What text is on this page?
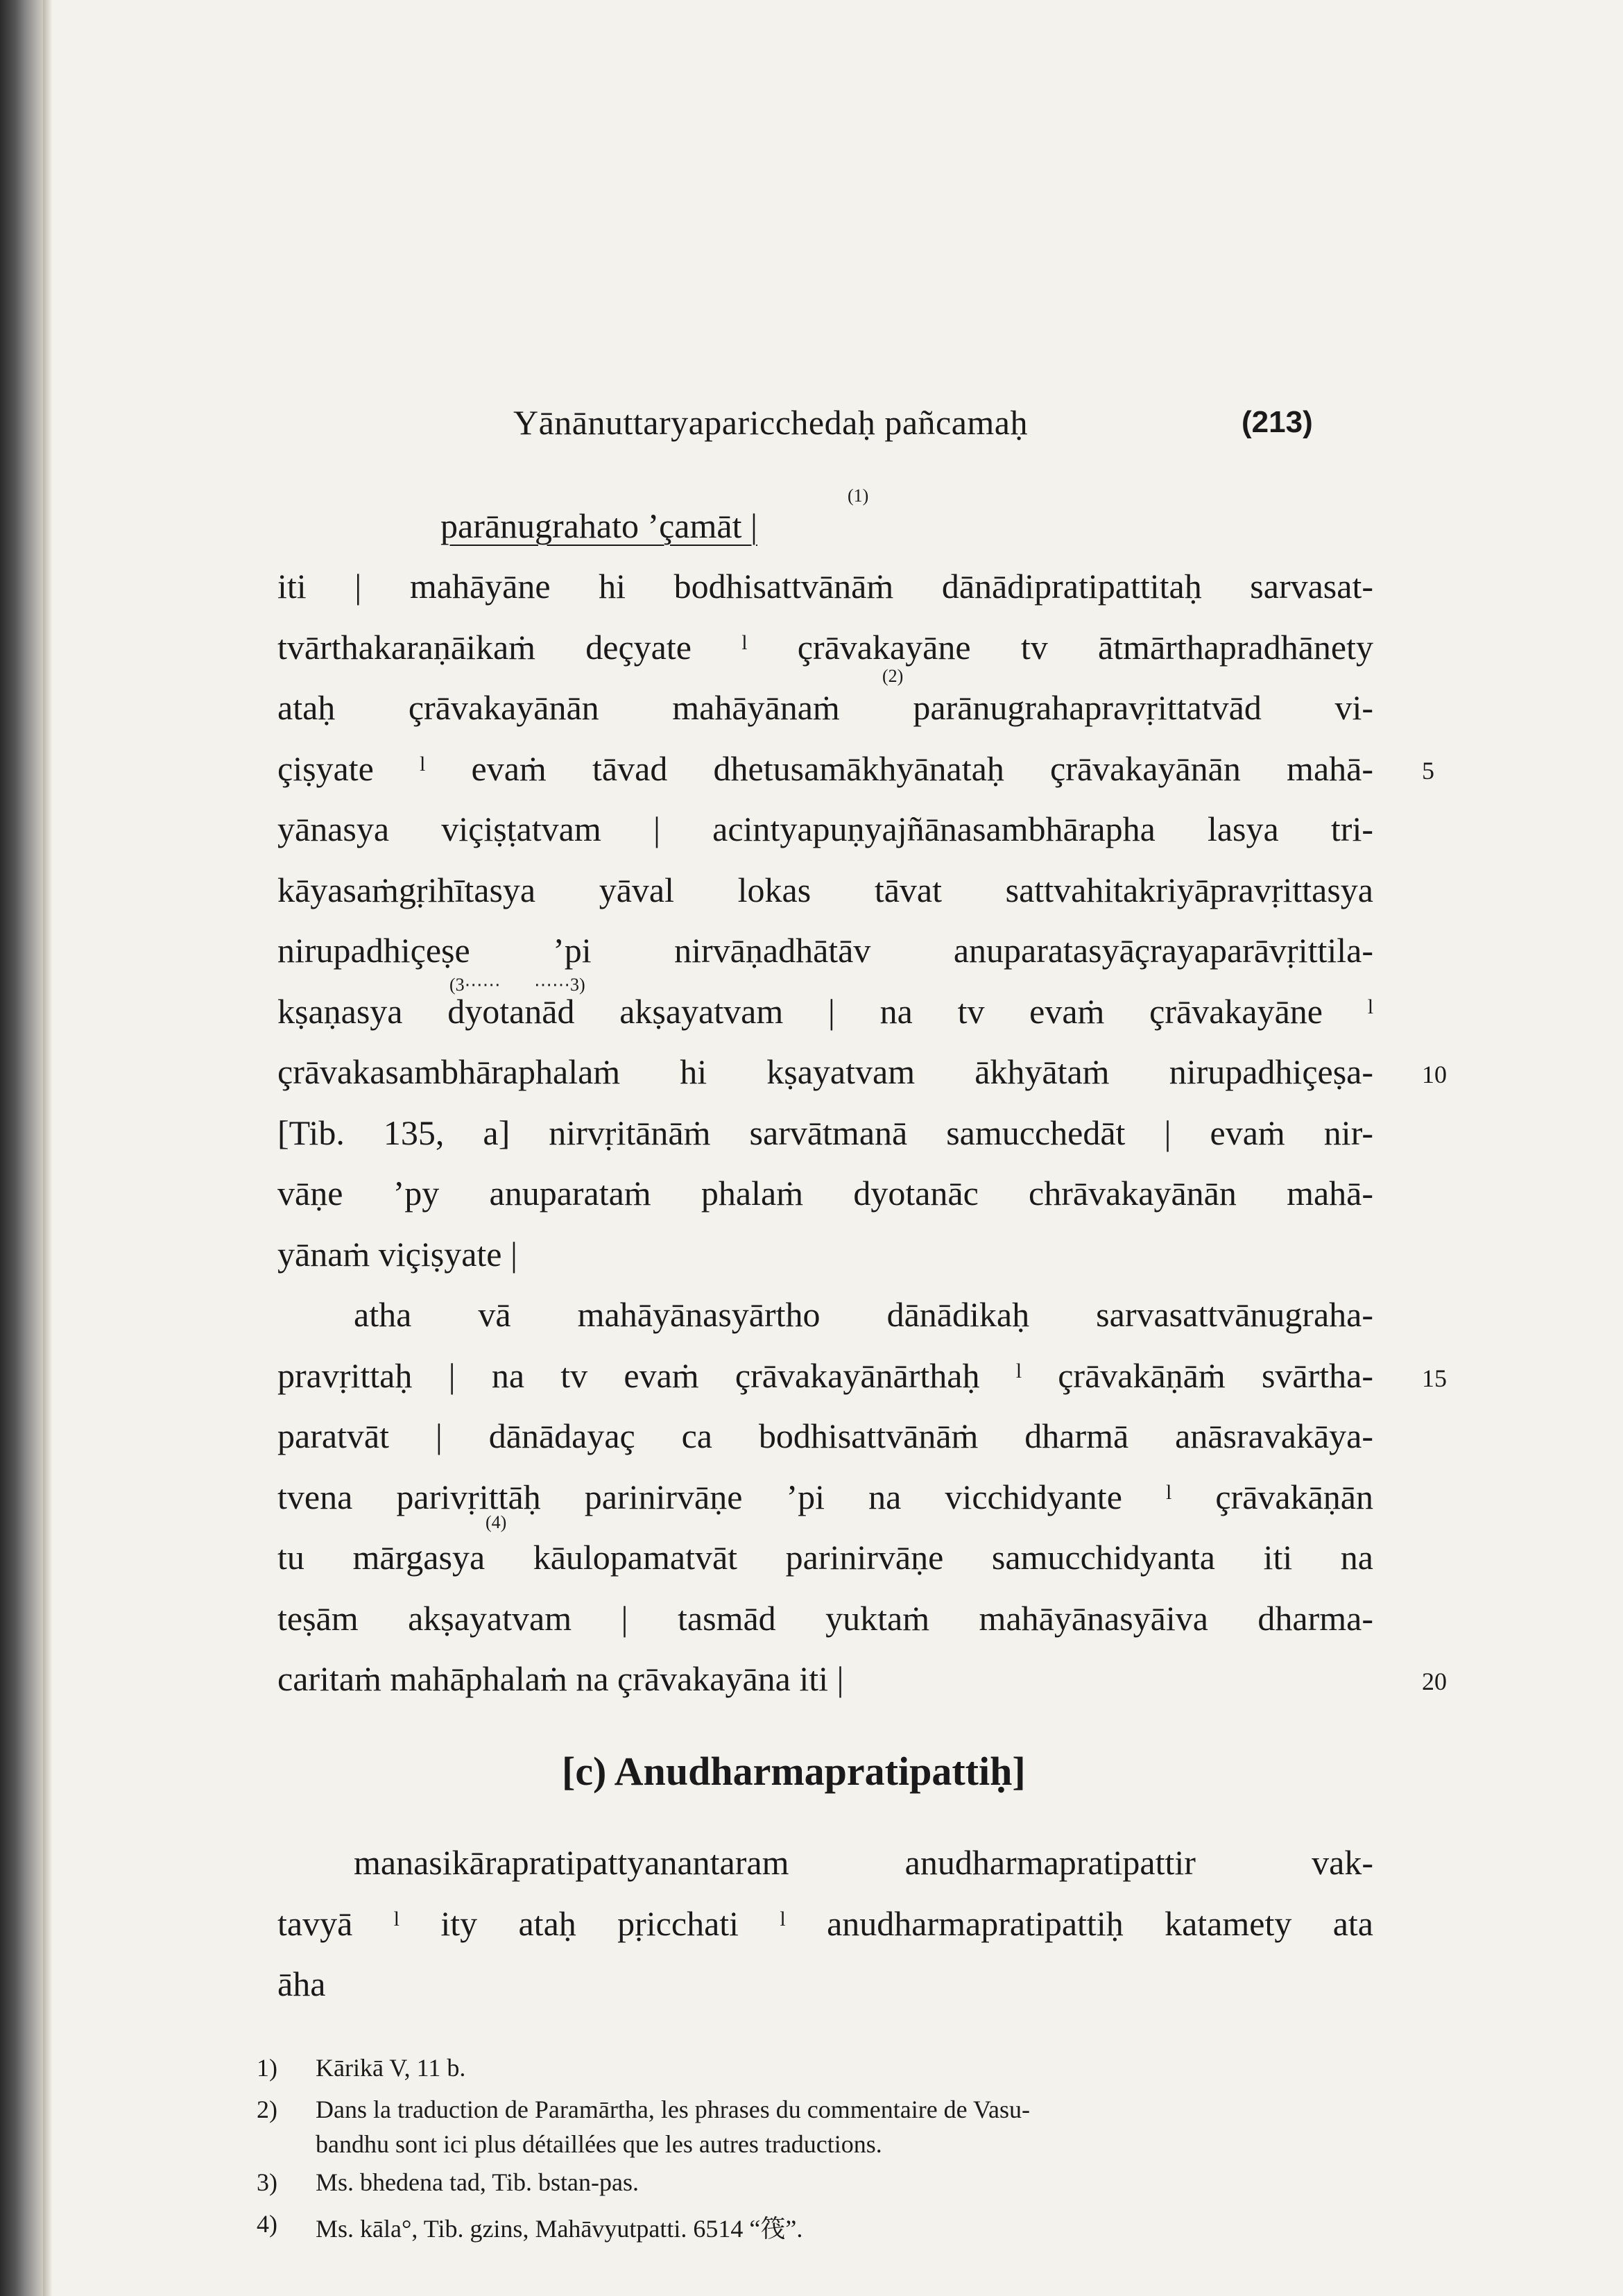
Yānānuttaryaparicchedaḥ pañcamaḥ	(213)
(1)
(2)
(3⋯⋯ ⋯⋯3)
(4)
parānugrahato ʼçamāt |
iti | mahāyāne hi bodhisattvānāṁ dānādipratipattitaḥ sarvasat-
tvārthakaraṇāikaṁ deçyate ˡ çrāvakayāne tv ātmārthapradhānety
ataḥ çrāvakayānān mahāyānaṁ parānugrahapravṛittatvād vi-
çiṣyate ˡ evaṁ tāvad dhetusamākhyānataḥ çrāvakayānān mahā-
yānasya viçiṣṭatvam | acintyapuṇyajñānasambhārapha lasya tri-
kāyasaṁgṛihītasya yāval lokas tāvat sattvahitakriyāpravṛittasya
nirupadhiçeṣe ʼpi nirvāṇadhātāv anuparatasyāçrayaparāvṛittila-
kṣaṇasya dyotanād akṣayatvam | na tv evaṁ çrāvakayāne ˡ
çrāvakasambhāraphalaṁ hi kṣayatvam ākhyātaṁ nirupadhiçeṣa-
[Tib. 135, a] nirvṛitānāṁ sarvātmanā samucchedāt | evaṁ nir-
vāṇe ʼpy anuparataṁ phalaṁ dyotanāc chrāvakayānān mahā-
yānaṁ viçiṣyate |
atha vā mahāyānasyārtho dānādikaḥ sarvasattvānugraha-
pravṛittaḥ | na tv evaṁ çrāvakayānārthaḥ ˡ çrāvakāṇāṁ svārtha-
paratvāt | dānādayaç ca bodhisattvānāṁ dharmā anāsravakāya-
tvena parivṛittāḥ parinirvāṇe ʼpi na vicchidyante ˡ çrāvakāṇān
tu mārgasya kāulopamatvāt parinirvāṇe samucchidyanta iti na
teṣām akṣayatvam | tasmād yuktaṁ mahāyānasyāiva dharma-
caritaṁ mahāphalaṁ na çrāvakayāna iti |
5
10
15
20
[c) Anudharmapratipattiḥ]
manasikārapratipattyanantaram anudharmapratipattir vak-
tavyā ˡ ity ataḥ pṛicchati ˡ anudharmapratipattiḥ katamety ata
āha
1) Kārikā V, 11 b.
2) Dans la traduction de Paramārtha, les phrases du commentaire de Vasu-
bandhu sont ici plus détaillées que les autres traductions.
3) Ms. bhedena tad, Tib. bstan-pas.
4) Ms. kāla°, Tib. gzins, Mahāvyutpatti. 6514 “筏”.
